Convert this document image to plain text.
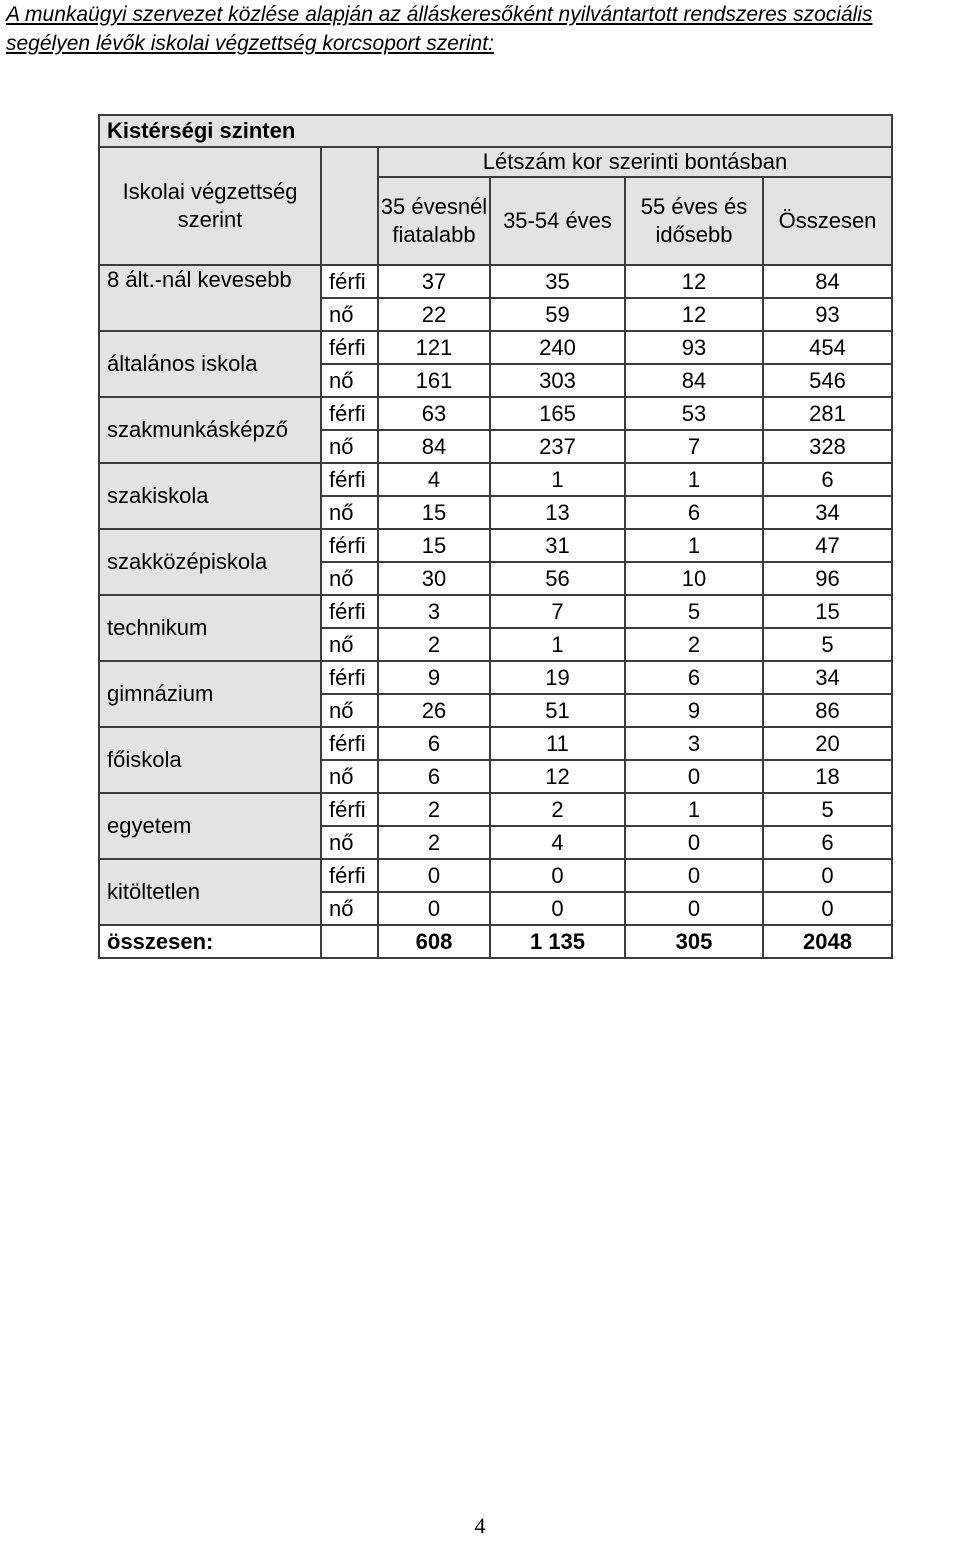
A munkaügyi szervezet közlése alapján az álláskeresőként nyilvántartott rendszeres szociális segélyen lévők iskolai végzettség korcsoport szerint:
Kistérségi szinten					
Iskolai végzettség szerint		Létszám kor szerinti bontásban			
		35 évesnél fiatalabb	35-54 éves	55 éves és idősebb	Összesen

8 ált.-nál kevesebb	férfi	37	35	12	84
	nő	22	59	12	93
általános iskola	férfi	121	240	93	454
	nő	161	303	84	546
szakmunkásképző	férfi	63	165	53	281
	nő	84	237	7	328
szakiskola	férfi	4	1	1	6
	nő	15	13	6	34
szakközépiskola	férfi	15	31	1	47
	nő	30	56	10	96
technikum	férfi	3	7	5	15
	nő	2	1	2	5
gimnázium	férfi	9	19	6	34
	nő	26	51	9	86
főiskola	férfi	6	11	3	20
	nő	6	12	0	18
egyetem	férfi	2	2	1	5
	nő	2	4	0	6
kitöltetlen	férfi	0	0	0	0
	nő	0	0	0	0
összesen:		608	1 135	305	2048
4
